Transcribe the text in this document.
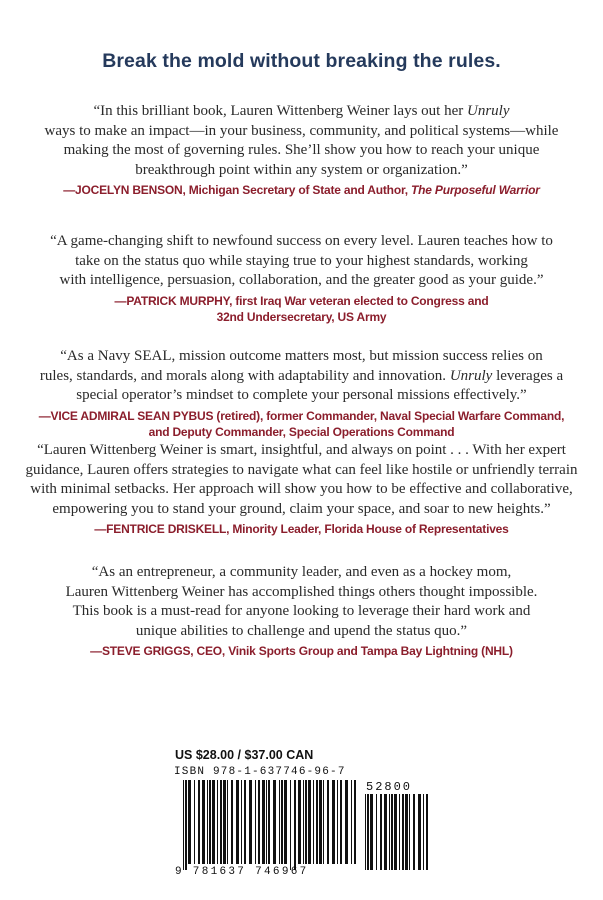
Break the mold without breaking the rules.
“In this brilliant book, Lauren Wittenberg Weiner lays out her Unruly
ways to make an impact—in your business, community, and political systems—while
making the most of governing rules. She’ll show you how to reach your unique
breakthrough point within any system or organization.”
—JOCELYN BENSON, Michigan Secretary of State and Author, The Purposeful Warrior
“A game-changing shift to newfound success on every level. Lauren teaches how to
take on the status quo while staying true to your highest standards, working
with intelligence, persuasion, collaboration, and the greater good as your guide.”
—PATRICK MURPHY, first Iraq War veteran elected to Congress and
32nd Undersecretary, US Army
“As a Navy SEAL, mission outcome matters most, but mission success relies on
rules, standards, and morals along with adaptability and innovation. Unruly leverages a
special operator’s mindset to complete your personal missions effectively.”
—VICE ADMIRAL SEAN PYBUS (retired), former Commander, Naval Special Warfare Command,
and Deputy Commander, Special Operations Command
“Lauren Wittenberg Weiner is smart, insightful, and always on point . . . With her expert
guidance, Lauren offers strategies to navigate what can feel like hostile or unfriendly terrain
with minimal setbacks. Her approach will show you how to be effective and collaborative,
empowering you to stand your ground, claim your space, and soar to new heights.”
—FENTRICE DRISKELL, Minority Leader, Florida House of Representatives
“As an entrepreneur, a community leader, and even as a hockey mom,
Lauren Wittenberg Weiner has accomplished things others thought impossible.
This book is a must-read for anyone looking to leverage their hard work and
unique abilities to challenge and upend the status quo.”
—STEVE GRIGGS, CEO, Vinik Sports Group and Tampa Bay Lightning (NHL)
US $28.00 / $37.00 CAN
ISBN 978-1-637746-96-7
52800
9 781637 746967
